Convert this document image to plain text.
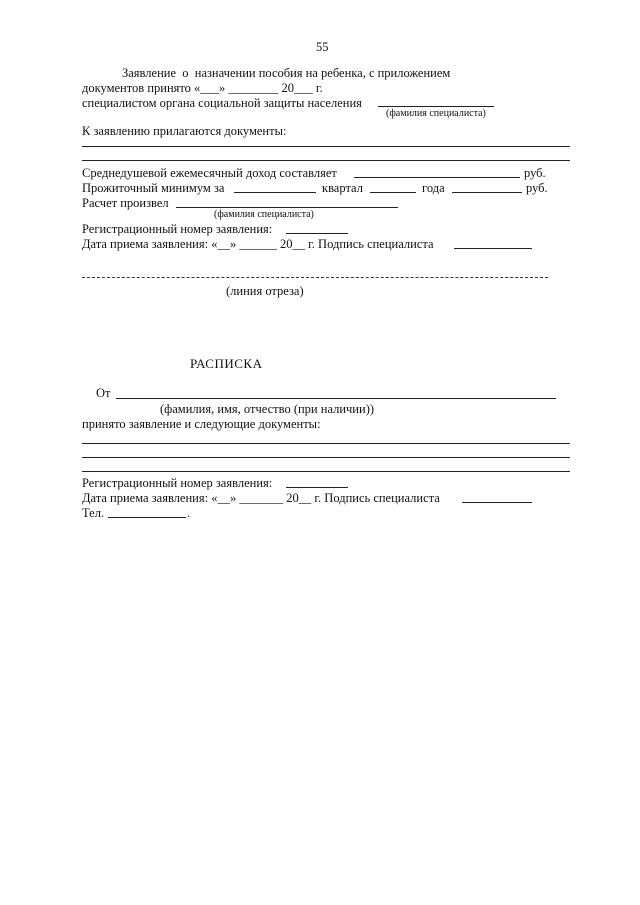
55
Заявление  о  назначении пособия на ребенка, с приложением
документов принято «___» ________ 20___ г.
специалистом органа социальной защиты населения
(фамилия специалиста)
К заявлению прилагаются документы:
Среднедушевой ежемесячный доход составляет	руб.
Прожиточный минимум за	квартал	года	руб.
Расчет произвел
(фамилия специалиста)
Регистрационный номер заявления:
Дата приема заявления: «__» ______ 20__ г. Подпись специалиста
(линия отреза)
РАСПИСКА
От
(фамилия, имя, отчество (при наличии))
принято заявление и следующие документы:
Регистрационный номер заявления:
Дата приема заявления: «__» _______ 20__ г. Подпись специалиста
Тел.	.
